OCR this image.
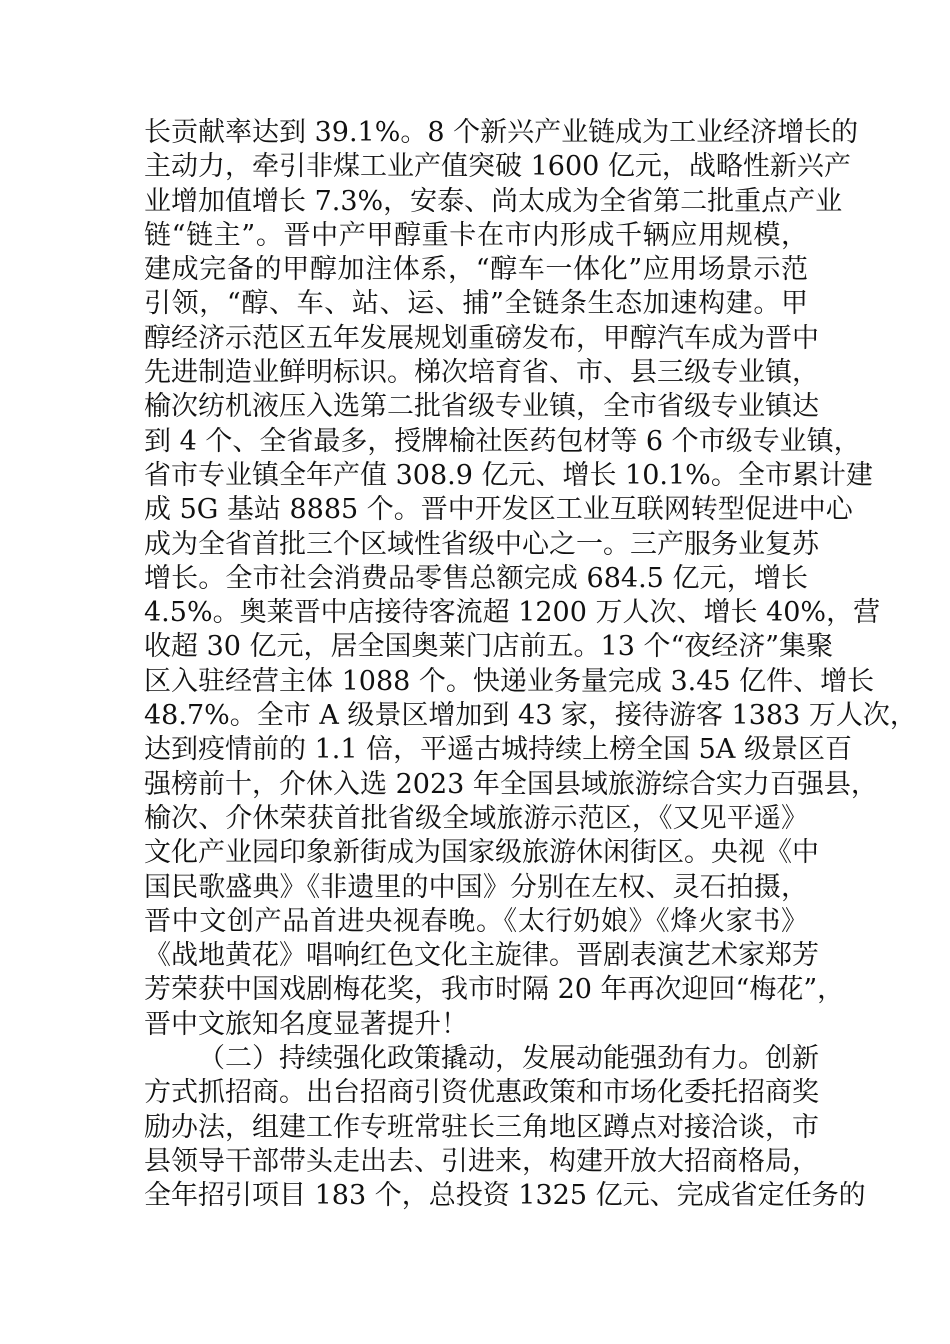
长贡献率达到 39.1%。8 个新兴产业链成为工业经济增长的
主动力，牵引非煤工业产值突破 1600 亿元，战略性新兴产
业增加值增长 7.3%，安泰、尚太成为全省第二批重点产业
链“链主”。晋中产甲醇重卡在市内形成千辆应用规模，
建成完备的甲醇加注体系，“醇车一体化”应用场景示范
引领，“醇、车、站、运、捕”全链条生态加速构建。甲
醇经济示范区五年发展规划重磅发布，甲醇汽车成为晋中
先进制造业鲜明标识。梯次培育省、市、县三级专业镇，
榆次纺机液压入选第二批省级专业镇，全市省级专业镇达
到 4 个、全省最多，授牌榆社医药包材等 6 个市级专业镇，
省市专业镇全年产值 308.9 亿元、增长 10.1%。全市累计建
成 5G 基站 8885 个。晋中开发区工业互联网转型促进中心
成为全省首批三个区域性省级中心之一。三产服务业复苏
增长。全市社会消费品零售总额完成 684.5 亿元，增长
4.5%。奥莱晋中店接待客流超 1200 万人次、增长 40%，营
收超 30 亿元，居全国奥莱门店前五。13 个“夜经济”集聚
区入驻经营主体 1088 个。快递业务量完成 3.45 亿件、增长
48.7%。全市 A 级景区增加到 43 家，接待游客 1383 万人次，
达到疫情前的 1.1 倍，平遥古城持续上榜全国 5A 级景区百
强榜前十，介休入选 2023 年全国县域旅游综合实力百强县，
榆次、介休荣获首批省级全域旅游示范区，《又见平遥》
文化产业园印象新街成为国家级旅游休闲街区。央视《中
国民歌盛典》《非遗里的中国》分别在左权、灵石拍摄，
晋中文创产品首进央视春晚。《太行奶娘》《烽火家书》
《战地黄花》唱响红色文化主旋律。晋剧表演艺术家郑芳
芳荣获中国戏剧梅花奖，我市时隔 20 年再次迎回“梅花”，
晋中文旅知名度显著提升！
（二）持续强化政策撬动，发展动能强劲有力。创新
方式抓招商。出台招商引资优惠政策和市场化委托招商奖
励办法，组建工作专班常驻长三角地区蹲点对接洽谈，市
县领导干部带头走出去、引进来，构建开放大招商格局，
全年招引项目 183 个，总投资 1325 亿元、完成省定任务的
